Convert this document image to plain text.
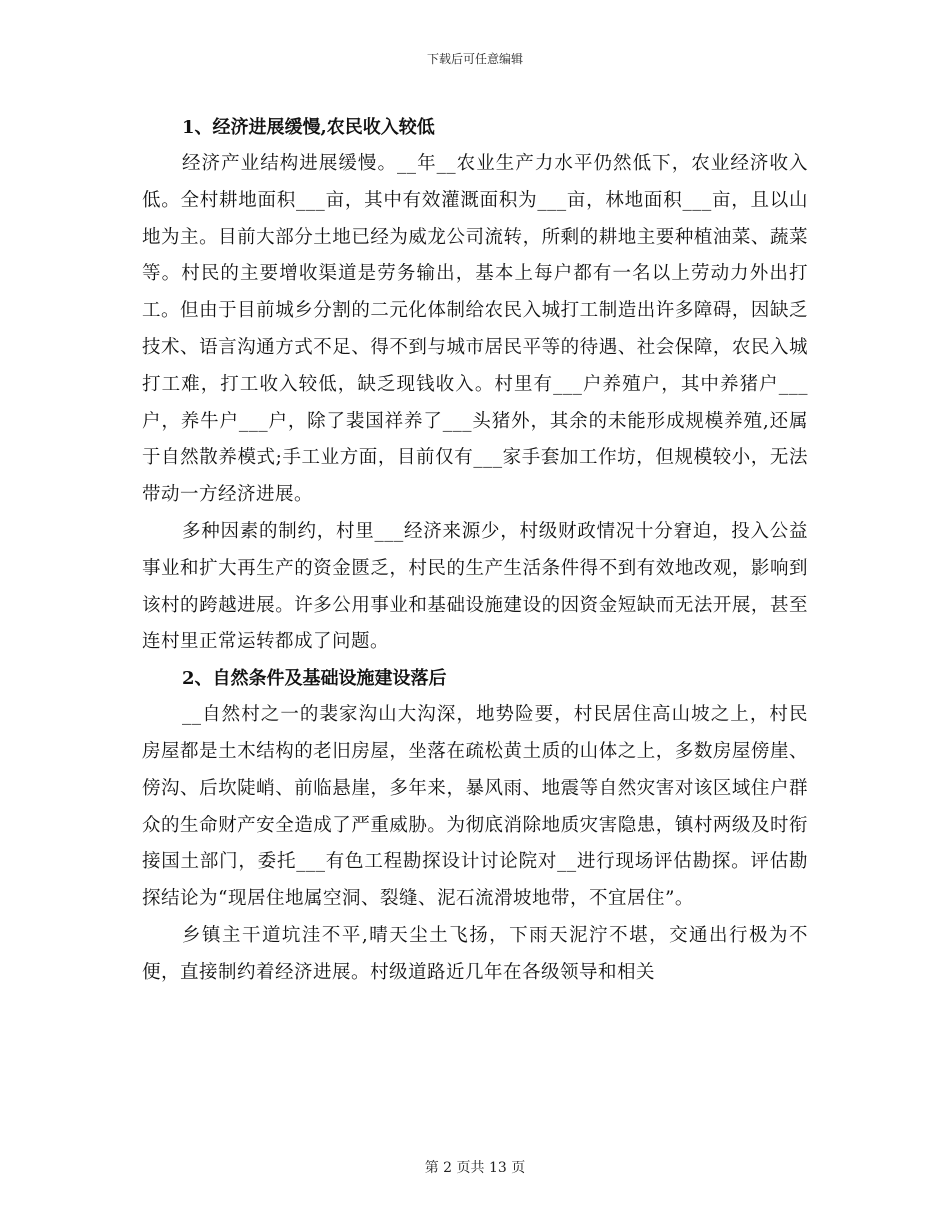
下载后可任意编辑
1、经济进展缓慢,农民收入较低

经济产业结构进展缓慢。__年__农业生产力水平仍然低下，农业经济收入低。全村耕地面积___亩，其中有效灌溉面积为___亩，林地面积___亩，且以山地为主。目前大部分土地已经为威龙公司流转，所剩的耕地主要种植油菜、蔬菜等。村民的主要增收渠道是劳务输出，基本上每户都有一名以上劳动力外出打工。但由于目前城乡分割的二元化体制给农民入城打工制造出许多障碍，因缺乏技术、语言沟通方式不足、得不到与城市居民平等的待遇、社会保障，农民入城打工难，打工收入较低，缺乏现钱收入。村里有___户养殖户，其中养猪户___户，养牛户___户，除了裴国祥养了___头猪外，其余的未能形成规模养殖,还属于自然散养模式;手工业方面，目前仅有___家手套加工作坊，但规模较小，无法带动一方经济进展。

多种因素的制约，村里___经济来源少，村级财政情况十分窘迫，投入公益事业和扩大再生产的资金匮乏，村民的生产生活条件得不到有效地改观，影响到该村的跨越进展。许多公用事业和基础设施建设的因资金短缺而无法开展，甚至连村里正常运转都成了问题。

2、自然条件及基础设施建设落后

__自然村之一的裴家沟山大沟深，地势险要，村民居住高山坡之上，村民房屋都是土木结构的老旧房屋，坐落在疏松黄土质的山体之上，多数房屋傍崖、傍沟、后坎陡峭、前临悬崖，多年来，暴风雨、地震等自然灾害对该区域住户群众的生命财产安全造成了严重威胁。为彻底消除地质灾害隐患，镇村两级及时衔接国土部门，委托___有色工程勘探设计讨论院对__进行现场评估勘探。评估勘探结论为“现居住地属空洞、裂缝、泥石流滑坡地带，不宜居住”。

乡镇主干道坑洼不平,晴天尘土飞扬，下雨天泥泞不堪，交通出行极为不便，直接制约着经济进展。村级道路近几年在各级领导和相关

第 2 页共 13 页
